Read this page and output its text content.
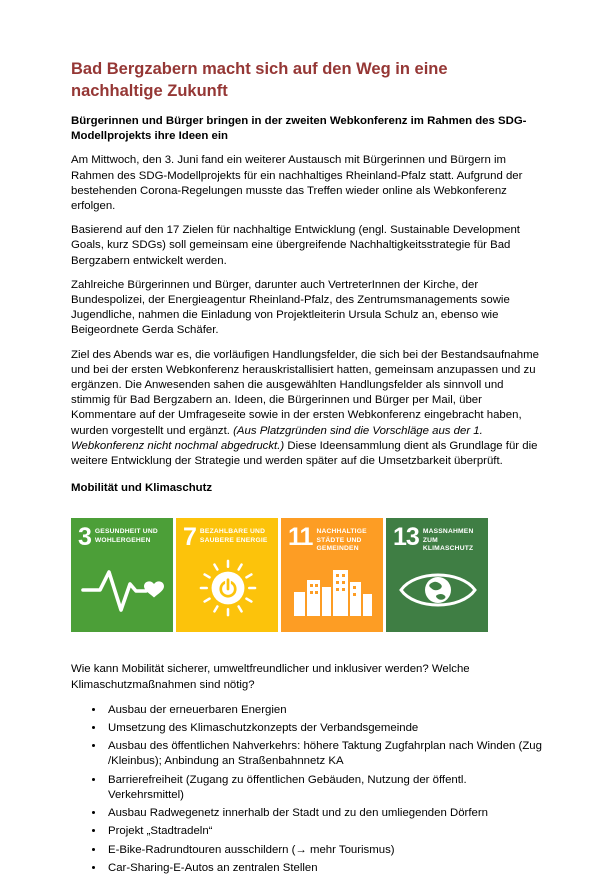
Bad Bergzabern macht sich auf den Weg in eine nachhaltige Zukunft

Bürgerinnen und Bürger bringen in der zweiten Webkonferenz im Rahmen des SDG-Modellprojekts ihre Ideen ein

Am Mittwoch, den 3. Juni fand ein weiterer Austausch mit Bürgerinnen und Bürgern im Rahmen des SDG-Modellprojekts für ein nachhaltiges Rheinland-Pfalz statt. Aufgrund der bestehenden Corona-Regelungen musste das Treffen wieder online als Webkonferenz erfolgen.

Basierend auf den 17 Zielen für nachhaltige Entwicklung (engl. Sustainable Development Goals, kurz SDGs) soll gemeinsam eine übergreifende Nachhaltigkeitsstrategie für Bad Bergzabern entwickelt werden.

Zahlreiche Bürgerinnen und Bürger, darunter auch VertreterInnen der Kirche, der Bundespolizei, der Energieagentur Rheinland-Pfalz, des Zentrumsmanagements sowie Jugendliche, nahmen die Einladung von Projektleiterin Ursula Schulz an, ebenso wie Beigeordnete Gerda Schäfer.

Ziel des Abends war es, die vorläufigen Handlungsfelder, die sich bei der Bestandsaufnahme und bei der ersten Webkonferenz herauskristallisiert hatten, gemeinsam anzupassen und zu ergänzen. Die Anwesenden sahen die ausgewählten Handlungsfelder als sinnvoll und stimmig für Bad Bergzabern an. Ideen, die Bürgerinnen und Bürger per Mail, über Kommentare auf der Umfrageseite sowie in der ersten Webkonferenz eingebracht haben, wurden vorgestellt und ergänzt. (Aus Platzgründen sind die Vorschläge aus der 1. Webkonferenz nicht nochmal abgedruckt.) Diese Ideensammlung dient als Grundlage für die weitere Entwicklung der Strategie und werden später auf die Umsetzbarkeit überprüft.

Mobilität und Klimaschutz
3 GESUNDHEIT UND WOHLERGEHEN	7 BEZAHLBARE UND SAUBERE ENERGIE 11 NACHHALTIGE STÄDTE UND GEMEINDEN	13 MASSNAHMEN ZUM KLIMASCHUTZ

Wie kann Mobilität sicherer, umweltfreundlicher und inklusiver werden? Welche Klimaschutzmaßnahmen sind nötig?

• Ausbau der erneuerbaren Energien
• Umsetzung des Klimaschutzkonzepts der Verbandsgemeinde
• Ausbau des öffentlichen Nahverkehrs: höhere Taktung Zugfahrplan nach Winden (Zug /Kleinbus); Anbindung an Straßenbahnnetz KA
• Barrierefreiheit (Zugang zu öffentlichen Gebäuden, Nutzung der öffentl. Verkehrsmittel)
• Ausbau Radwegenetz innerhalb der Stadt und zu den umliegenden Dörfern
• Projekt „Stadtradeln“
• E-Bike-Radrundtouren ausschildern (→ mehr Tourismus)
• Car-Sharing-E-Autos an zentralen Stellen
